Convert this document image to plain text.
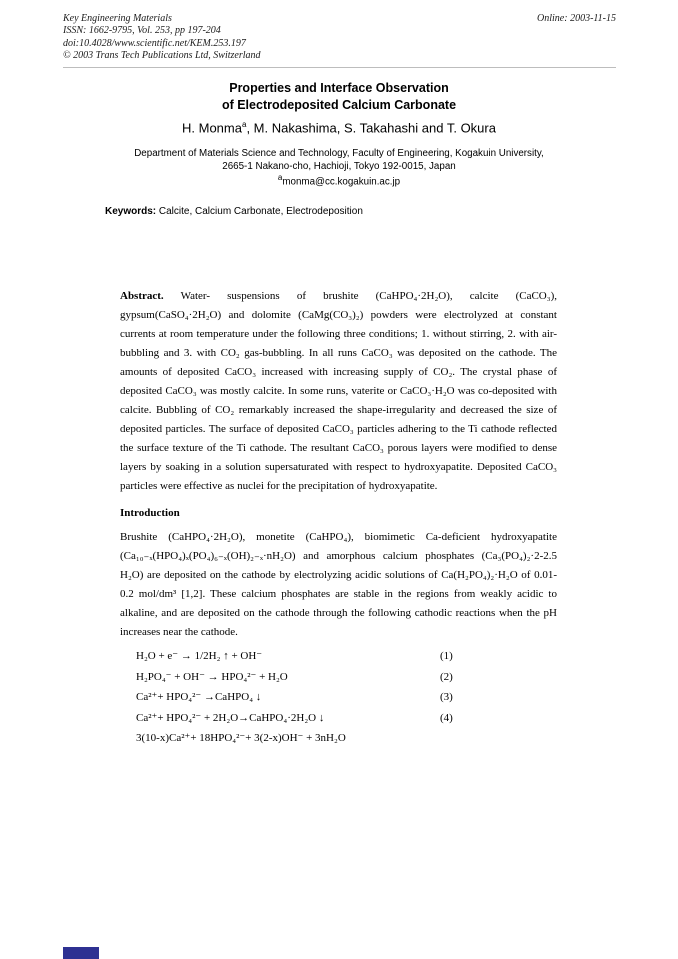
Key Engineering Materials
ISSN: 1662-9795, Vol. 253, pp 197-204
doi:10.4028/www.scientific.net/KEM.253.197
© 2003 Trans Tech Publications Ltd, Switzerland
Online: 2003-11-15
Properties and Interface Observation
of Electrodeposited Calcium Carbonate
H. Monma$^a$, M. Nakashima, S. Takahashi and T. Okura
Department of Materials Science and Technology, Faculty of Engineering, Kogakuin University,
2665-1 Nakano-cho, Hachioji, Tokyo 192-0015, Japan
$^a$monma@cc.kogakuin.ac.jp
Keywords: Calcite, Calcium Carbonate, Electrodeposition

Abstract. Water- suspensions of brushite (CaHPO₄·2H₂O), calcite (CaCO₃), gypsum(CaSO₄·2H₂O) and dolomite (CaMg(CO₃)₂) powders were electrolyzed at constant currents at room temperature under the following three conditions; 1. without stirring, 2. with air-bubbling and 3. with CO₂ gas-bubbling. In all runs CaCO₃ was deposited on the cathode. The amounts of deposited CaCO₃ increased with increasing supply of CO₂. The crystal phase of deposited CaCO₃ was mostly calcite. In some runs, vaterite or CaCO₃·H₂O was co-deposited with calcite. Bubbling of CO₂ remarkably increased the shape-irregularity and decreased the size of deposited particles. The surface of deposited CaCO₃ particles adhering to the Ti cathode reflected the surface texture of the Ti cathode. The resultant CaCO₃ porous layers were modified to dense layers by soaking in a solution supersaturated with respect to hydroxyapatite. Deposited CaCO₃ particles were effective as nuclei for the precipitation of hydroxyapatite.

Introduction

Brushite (CaHPO₄·2H₂O), monetite (CaHPO₄), biomimetic Ca-deficient hydroxyapatite (Ca₁₀₋ₓ(HPO₄)ₓ(PO₄)₆₋ₓ(OH)₂₋ₓ·nH₂O) and amorphous calcium phosphates (Ca₃(PO₄)₂·2-2.5 H₂O) are deposited on the cathode by electrolyzing acidic solutions of Ca(H₂PO₄)₂·H₂O of 0.01- 0.2 mol/dm³ [1,2]. These calcium phosphates are stable in the regions from weakly acidic to alkaline, and are deposited on the cathode through the following cathodic reactions when the pH increases near the cathode.

H₂O + e⁻ → 1/2H₂ ↑ + OH⁻	(1)
H₂PO₄⁻ + OH⁻ → HPO₄²⁻ + H₂O	(2)
Ca²⁺+ HPO₄²⁻ →CaHPO₄ ↓	(3)
Ca²⁺+ HPO₄²⁻ + 2H₂O→CaHPO₄·2H₂O ↓	(4)
3(10-x)Ca²⁺+ 18HPO₄²⁻+ 3(2-x)OH⁻ + 3nH₂O
